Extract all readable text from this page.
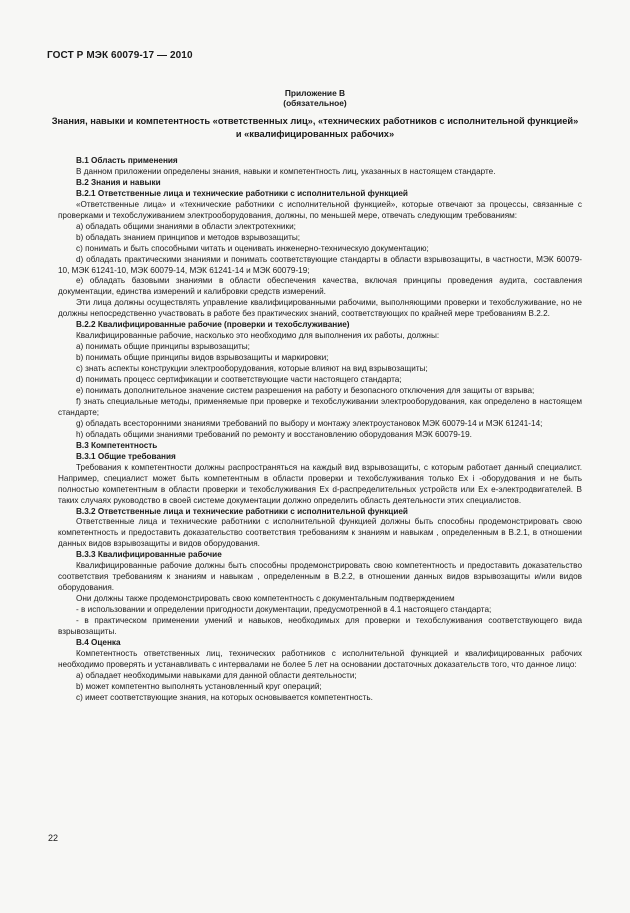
ГОСТ Р МЭК 60079-17 — 2010
Приложение В
(обязательное)
Знания, навыки и компетентность «ответственных лиц», «технических работников с исполнительной функцией» и «квалифицированных рабочих»

В.1 Область применения

В данном приложении определены знания, навыки и компетентность лиц, указанных в настоящем стандарте.

В.2 Знания и навыки

В.2.1 Ответственные лица и технические работники с исполнительной функцией

«Ответственные лица» и «технические работники с исполнительной функцией», которые отвечают за процессы, связанные с проверками и техобслуживанием электрооборудования, должны, по меньшей мере, отвечать следующим требованиям:

a) обладать общими знаниями в области электротехники;

b) обладать знанием принципов и методов взрывозащиты;

c) понимать и быть способными читать и оценивать инженерно-техническую документацию;

d) обладать практическими знаниями и понимать соответствующие стандарты в области взрывозащиты, в частности, МЭК 60079-10, МЭК 61241-10, МЭК 60079-14, МЭК 61241-14 и МЭК 60079-19;

e) обладать базовыми знаниями в области обеспечения качества, включая принципы проведения аудита, составления документации, единства измерений и калибровки средств измерений.

Эти лица должны осуществлять управление квалифицированными рабочими, выполняющими проверки и техобслуживание, но не должны непосредственно участвовать в работе без практических знаний, соответствующих по крайней мере требованиям В.2.2.

В.2.2 Квалифицированные рабочие (проверки и техобслуживание)

Квалифицированные рабочие, насколько это необходимо для выполнения их работы, должны:

a) понимать общие принципы взрывозащиты;

b) понимать общие принципы видов взрывозащиты и маркировки;

c) знать аспекты конструкции электрооборудования, которые влияют на вид взрывозащиты;

d) понимать процесс сертификации и соответствующие части настоящего стандарта;

e) понимать дополнительное значение систем разрешения на работу и безопасного отключения для защиты от взрыва;

f) знать специальные методы, применяемые при проверке и техобслуживании электрооборудования, как определено в настоящем стандарте;

g) обладать всесторонними знаниями требований по выбору и монтажу электроустановок МЭК 60079-14 и МЭК 61241-14;

h) обладать общими знаниями требований по ремонту и восстановлению оборудования МЭК 60079-19.

В.3 Компетентность

В.3.1 Общие требования

Требования к компетентности должны распространяться на каждый вид взрывозащиты, с которым работает данный специалист. Например, специалист может быть компетентным в области проверки и техобслуживания только Ex i -оборудования и не быть полностью компетентным в области проверки и техобслуживания Ex d-распределительных устройств или Ex e-электродвигателей. В таких случаях руководство в своей системе документации должно определить область деятельности этих специалистов.

В.3.2 Ответственные лица и технические работники с исполнительной функцией

Ответственные лица и технические работники с исполнительной функцией должны быть способны продемонстрировать свою компетентность и предоставить доказательство соответствия требованиям к знаниям и навыкам , определенным в В.2.1, в отношении данных видов взрывозащиты и видов оборудования.

В.3.3 Квалифицированные рабочие

Квалифицированные рабочие должны быть способны продемонстрировать свою компетентность и предоставить доказательство соответствия требованиям к знаниям и навыкам , определенным в В.2.2, в отношении данных видов взрывозащиты и/или видов оборудования.

Они должны также продемонстрировать свою компетентность с документальным подтверждением

- в использовании и определении пригодности документации, предусмотренной в 4.1 настоящего стандарта;

- в практическом применении умений и навыков, необходимых для проверки и техобслуживания соответствующего вида взрывозащиты.

В.4 Оценка

Компетентность ответственных лиц, технических работников с исполнительной функцией и квалифицированных рабочих необходимо проверять и устанавливать с интервалами не более 5 лет на основании достаточных доказательств того, что данное лицо:

a) обладает необходимыми навыками для данной области деятельности;

b) может компетентно выполнять установленный круг операций;

c) имеет соответствующие знания, на которых основывается компетентность.

22
